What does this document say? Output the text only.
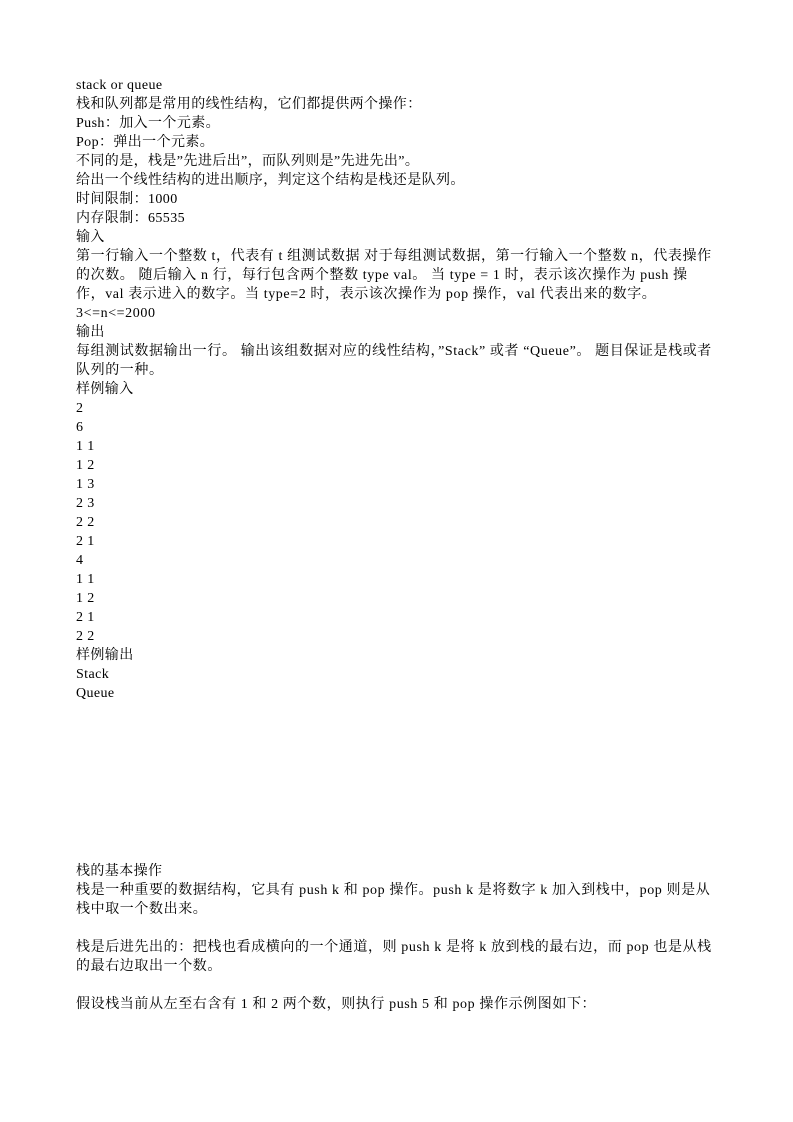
stack or queue
栈和队列都是常用的线性结构，它们都提供两个操作：
Push：加入一个元素。
Pop：弹出一个元素。
不同的是，栈是”先进后出”，而队列则是”先进先出”。
给出一个线性结构的进出顺序，判定这个结构是栈还是队列。
时间限制：1000
内存限制：65535
输入
第一行输入一个整数 t，代表有 t 组测试数据 对于每组测试数据，第一行输入一个整数 n，代表操作的次数。 随后输入 n 行，每行包含两个整数 type val。 当 type = 1 时，表示该次操作为 push 操作，val 表示进入的数字。当 type=2 时，表示该次操作为 pop 操作，val 代表出来的数字。 3<=n<=2000
输出
每组测试数据输出一行。 输出该组数据对应的线性结构，”Stack” 或者 “Queue”。 题目保证是栈或者队列的一种。
样例输入
2
6
1 1
1 2
1 3
2 3
2 2
2 1
4
1 1
1 2
2 1
2 2
样例输出
Stack
Queue
栈的基本操作
栈是一种重要的数据结构，它具有 push k 和 pop 操作。push k 是将数字 k 加入到栈中，pop 则是从栈中取一个数出来。
栈是后进先出的：把栈也看成横向的一个通道，则 push k 是将 k 放到栈的最右边，而 pop 也是从栈的最右边取出一个数。
假设栈当前从左至右含有 1 和 2 两个数，则执行 push 5 和 pop 操作示例图如下：
